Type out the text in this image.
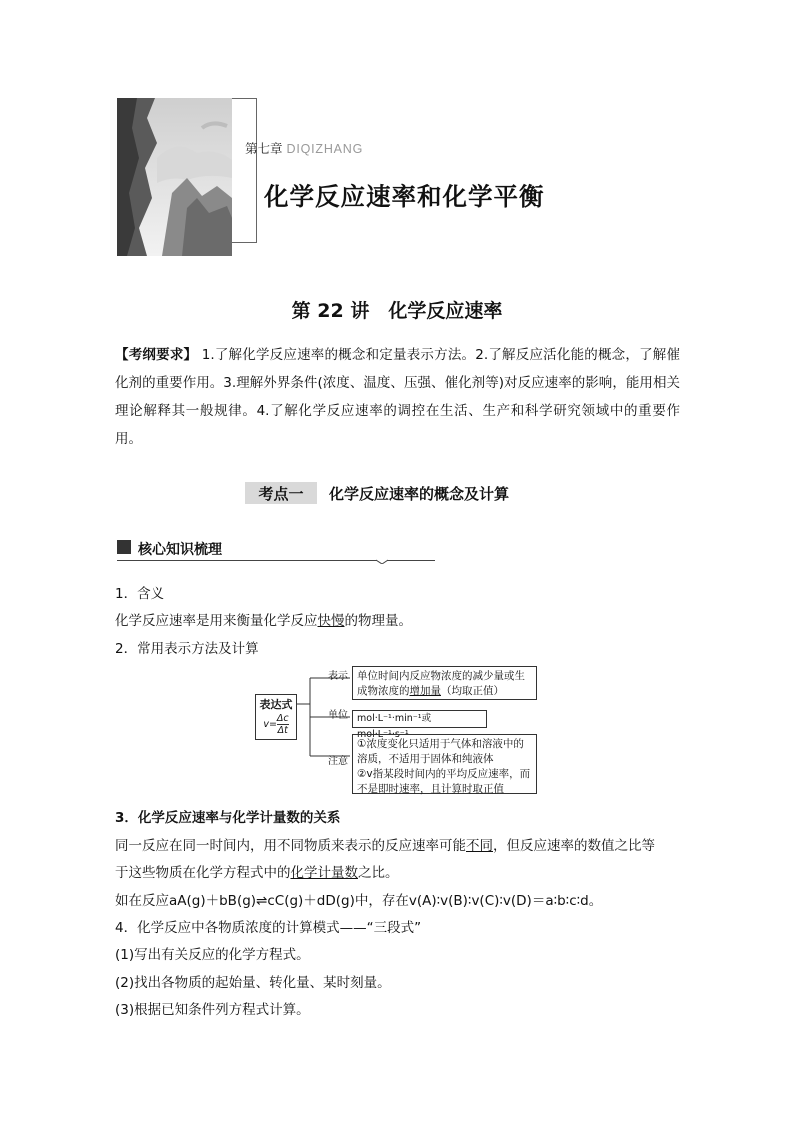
第七章 DIQIZHANG
化学反应速率和化学平衡
第 22 讲　化学反应速率
【考纲要求】 1.了解化学反应速率的概念和定量表示方法。2.了解反应活化能的概念，了解催化剂的重要作用。3.理解外界条件(浓度、温度、压强、催化剂等)对反应速率的影响，能用相关理论解释其一般规律。4.了解化学反应速率的调控在生活、生产和科学研究领域中的重要作用。
考点一	化学反应速率的概念及计算
核心知识梳理
1．含义
化学反应速率是用来衡量化学反应快慢的物理量。
2．常用表示方法及计算
表达式
$v= \frac{\Delta c}{\Delta t}$
表示
单位
注意
单位时间内反应物浓度的减少量或生成物浓度的增加量（均取正值）
mol·L⁻¹·min⁻¹或mol·L⁻¹·s⁻¹
①浓度变化只适用于气体和溶液中的溶质，不适用于固体和纯液体
②v指某段时间内的平均反应速率，而不是即时速率，且计算时取正值
3．化学反应速率与化学计量数的关系
同一反应在同一时间内，用不同物质来表示的反应速率可能不同，但反应速率的数值之比等
于这些物质在化学方程式中的化学计量数之比。
如在反应aA(g)＋bB(g)⇌cC(g)＋dD(g)中，存在v(A)∶v(B)∶v(C)∶v(D)＝a∶b∶c∶d。
4．化学反应中各物质浓度的计算模式——“三段式”
(1)写出有关反应的化学方程式。
(2)找出各物质的起始量、转化量、某时刻量。
(3)根据已知条件列方程式计算。
